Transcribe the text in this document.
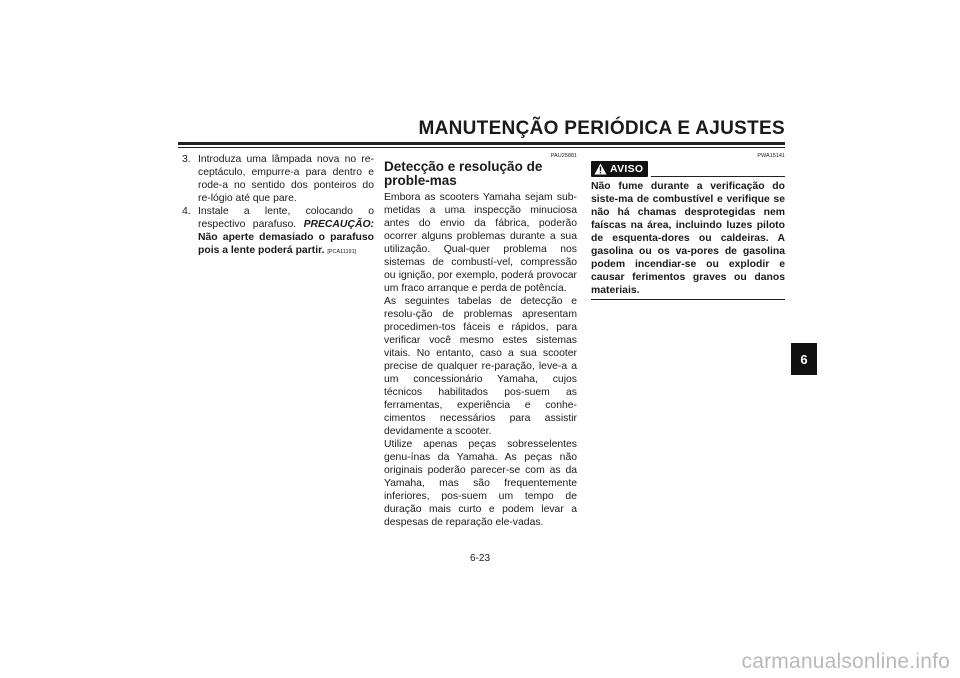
MANUTENÇÃO PERIÓDICA E AJUSTES
3. Introduza uma lâmpada nova no re-ceptáculo, empurre-a para dentro e rode-a no sentido dos ponteiros do re-lógio até que pare.
4. Instale a lente, colocando o respectivo parafuso. PRECAUÇÃO: Não aperte demasiado o parafuso pois a lente poderá partir. [PCA11191]
PAU25881
Detecção e resolução de proble-mas

Embora as scooters Yamaha sejam sub-metidas a uma inspecção minuciosa antes do envio da fábrica, poderão ocorrer alguns problemas durante a sua utilização. Qual-quer problema nos sistemas de combustí-vel, compressão ou ignição, por exemplo, poderá provocar um fraco arranque e perda de potência.

As seguintes tabelas de detecção e resolu-ção de problemas apresentam procedimen-tos fáceis e rápidos, para verificar você mesmo estes sistemas vitais. No entanto, caso a sua scooter precise de qualquer re-paração, leve-a a um concessionário Yamaha, cujos técnicos habilitados pos-suem as ferramentas, experiência e conhe-cimentos necessários para assistir devidamente a scooter.

Utilize apenas peças sobresselentes genu-ínas da Yamaha. As peças não originais poderão parecer-se com as da Yamaha, mas são frequentemente inferiores, pos-suem um tempo de duração mais curto e podem levar a despesas de reparação ele-vadas.

PWA15141
AVISO

Não fume durante a verificação do siste-ma de combustível e verifique se não há chamas desprotegidas nem faíscas na área, incluindo luzes piloto de esquenta-dores ou caldeiras. A gasolina ou os va-pores de gasolina podem incendiar-se ou explodir e causar ferimentos graves ou danos materiais.

6-23
6
carmanualsonline.info
